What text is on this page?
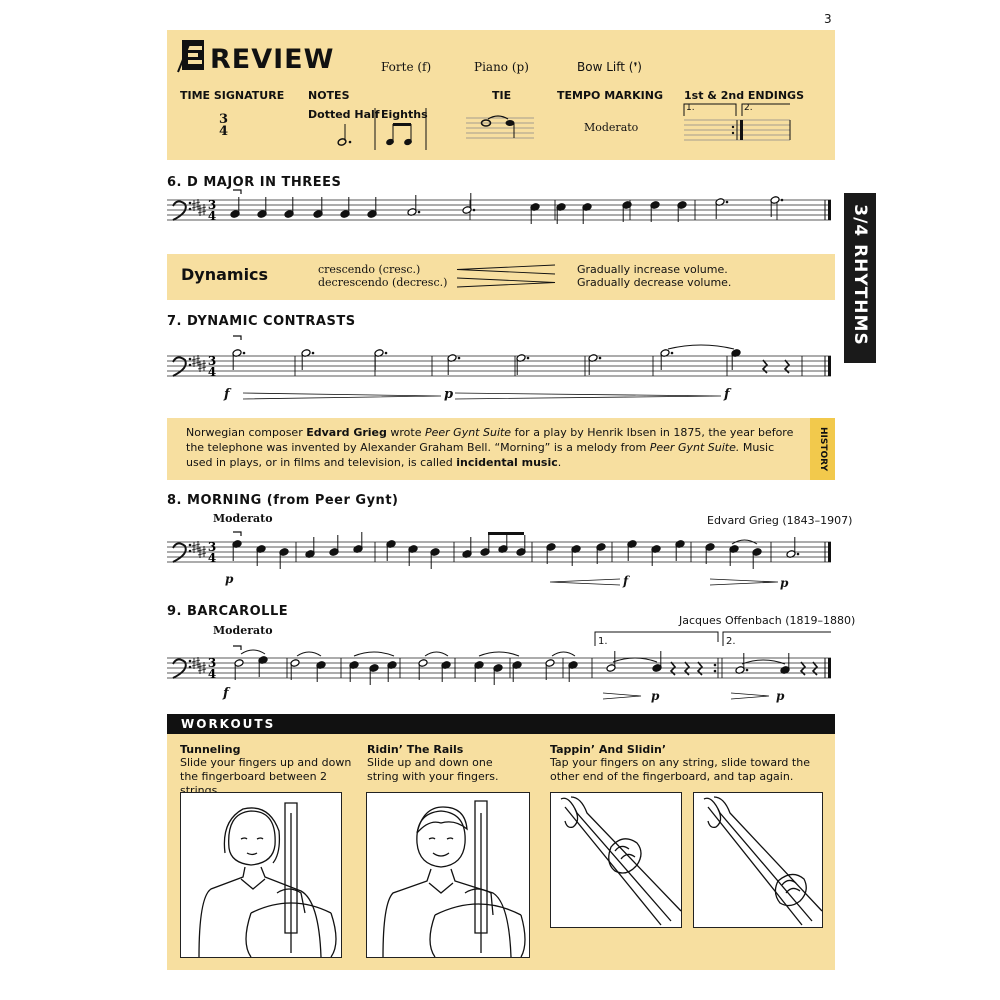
3
REVIEW	Forte (f)	Piano (p)	Bow Lift (❜)
TIME SIGNATURE
3
4
NOTES
Dotted Half Eighths
TIE	TEMPO MARKING
Moderato
1st & 2nd ENDINGS
1.	2.
3/4 RHYTHMS
6. D MAJOR IN THREES
3
4
Dynamics	crescendo (cresc.)
decrescendo (decresc.)
Gradually increase volume.
Gradually decrease volume.
7. DYNAMIC CONTRASTS
3
4
f	p	f
Norwegian composer Edvard Grieg wrote Peer Gynt Suite for a play by Henrik Ibsen in 1875, the year before the telephone was invented by Alexander Graham Bell. “Morning” is a melody from Peer Gynt Suite. Music used in plays, or in films and television, is called incidental music.	HISTORY
8. MORNING (from Peer Gynt)
Moderato	Edvard Grieg (1843–1907)
3
4
p	f	p
9. BARCAROLLE
Moderato
Jacques Offenbach (1819–1880)
3
4
1.	2.
f	p	p
WORKOUTS
Tunneling
Slide your fingers up and down the fingerboard between 2 strings.
Ridin’ The Rails
Slide up and down one string with your fingers.
Tappin’ And Slidin’
Tap your fingers on any string, slide toward the other end of the fingerboard, and tap again.
